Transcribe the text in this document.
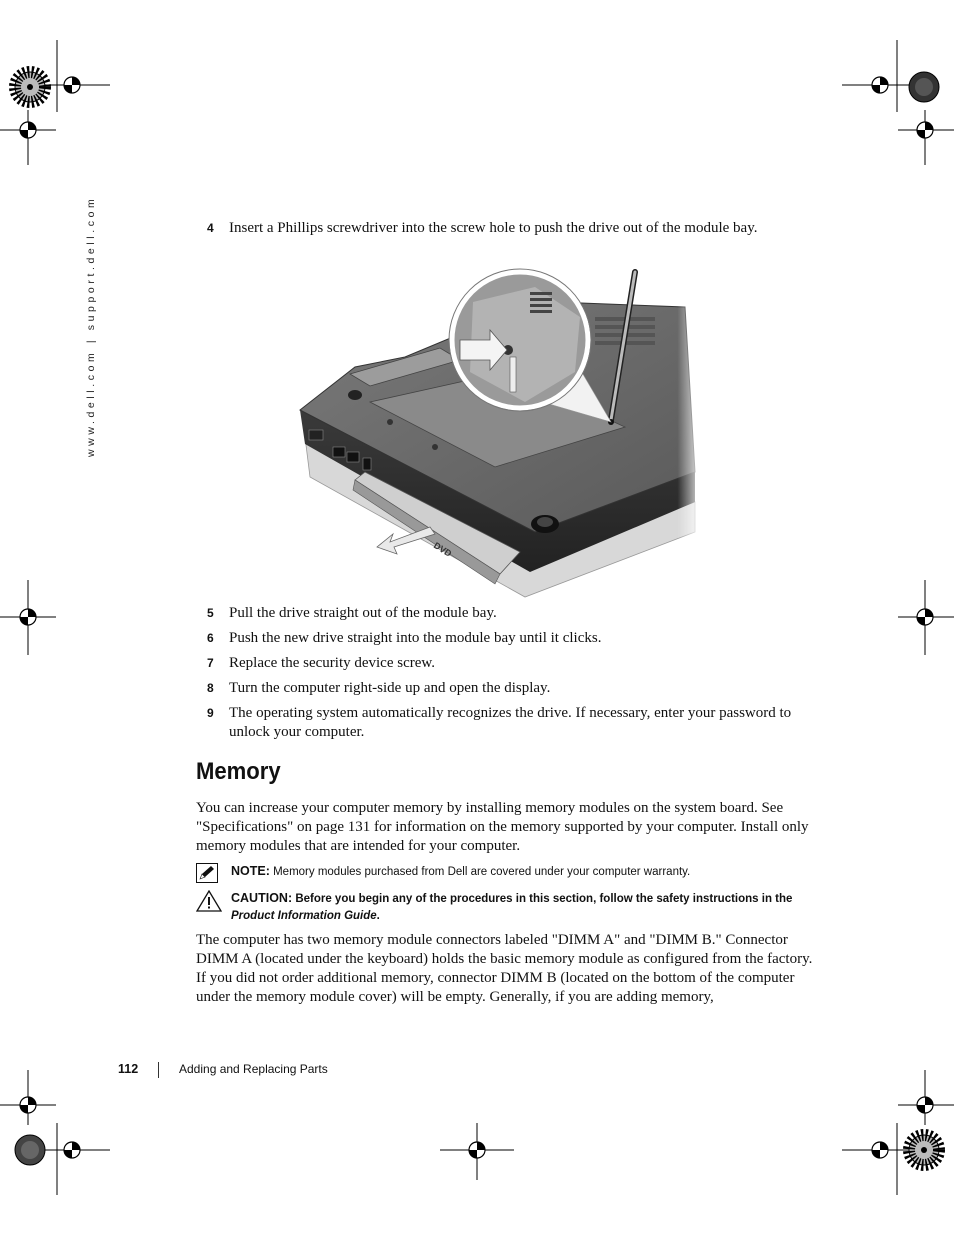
www.dell.com | support.dell.com	4 Insert a Phillips screwdriver into the screw hole to push the drive out of the module bay.
DVD
5 Pull the drive straight out of the module bay.
6 Push the new drive straight into the module bay until it clicks.
7 Replace the security device screw.
8 Turn the computer right-side up and open the display.
9 The operating system automatically recognizes the drive. If necessary, enter your password to unlock your computer.
Memory

You can increase your computer memory by installing memory modules on the system board. See "Specifications" on page 131 for information on the memory supported by your computer. Install only memory modules that are intended for your computer.

NOTE: Memory modules purchased from Dell are covered under your computer warranty.
CAUTION: Before you begin any of the procedures in this section, follow the safety instructions in the Product Information Guide.

The computer has two memory module connectors labeled "DIMM A" and "DIMM B." Connector DIMM A (located under the keyboard) holds the basic memory module as configured from the factory. If you did not order additional memory, connector DIMM B (located on the bottom of the computer under the memory module cover) will be empty. Generally, if you are adding memory,

112	Adding and Replacing Parts
